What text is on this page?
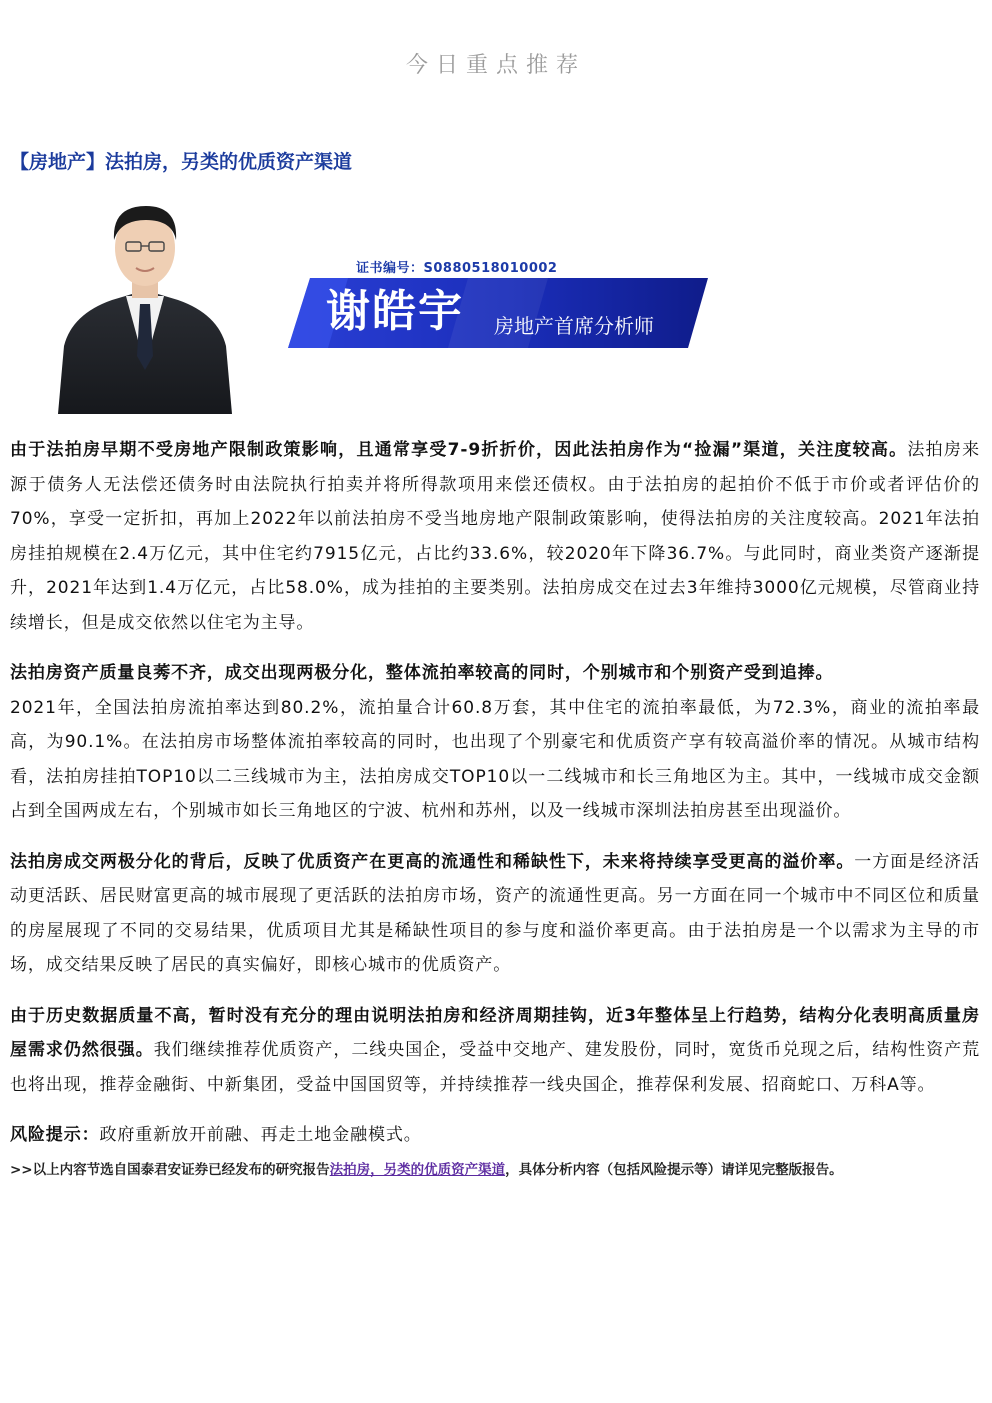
今日重点推荐
【房地产】法拍房，另类的优质资产渠道
证书编号：S0880518010002
谢皓宇 房地产首席分析师

由于法拍房早期不受房地产限制政策影响，且通常享受7-9折折价，因此法拍房作为“捡漏”渠道，关注度较高。法拍房来源于债务人无法偿还债务时由法院执行拍卖并将所得款项用来偿还债权。由于法拍房的起拍价不低于市价或者评估价的70%，享受一定折扣，再加上2022年以前法拍房不受当地房地产限制政策影响，使得法拍房的关注度较高。2021年法拍房挂拍规模在2.4万亿元，其中住宅约7915亿元，占比约33.6%，较2020年下降36.7%。与此同时，商业类资产逐渐提升，2021年达到1.4万亿元，占比58.0%，成为挂拍的主要类别。法拍房成交在过去3年维持3000亿元规模，尽管商业持续增长，但是成交依然以住宅为主导。

法拍房资产质量良莠不齐，成交出现两极分化，整体流拍率较高的同时，个别城市和个别资产受到追捧。
2021年，全国法拍房流拍率达到80.2%，流拍量合计60.8万套，其中住宅的流拍率最低，为72.3%，商业的流拍率最高，为90.1%。在法拍房市场整体流拍率较高的同时，也出现了个别豪宅和优质资产享有较高溢价率的情况。从城市结构看，法拍房挂拍TOP10以二三线城市为主，法拍房成交TOP10以一二线城市和长三角地区为主。其中，一线城市成交金额占到全国两成左右，个别城市如长三角地区的宁波、杭州和苏州，以及一线城市深圳法拍房甚至出现溢价。

法拍房成交两极分化的背后，反映了优质资产在更高的流通性和稀缺性下，未来将持续享受更高的溢价率。一方面是经济活动更活跃、居民财富更高的城市展现了更活跃的法拍房市场，资产的流通性更高。另一方面在同一个城市中不同区位和质量的房屋展现了不同的交易结果，优质项目尤其是稀缺性项目的参与度和溢价率更高。由于法拍房是一个以需求为主导的市场，成交结果反映了居民的真实偏好，即核心城市的优质资产。

由于历史数据质量不高，暂时没有充分的理由说明法拍房和经济周期挂钩，近3年整体呈上行趋势，结构分化表明高质量房屋需求仍然很强。我们继续推荐优质资产，二线央国企，受益中交地产、建发股份，同时，宽货币兑现之后，结构性资产荒也将出现，推荐金融街、中新集团，受益中国国贸等，并持续推荐一线央国企，推荐保利发展、招商蛇口、万科A等。

风险提示：政府重新放开前融、再走土地金融模式。

>>以上内容节选自国泰君安证券已经发布的研究报告法拍房，另类的优质资产渠道，具体分析内容（包括风险提示等）请详见完整版报告。
